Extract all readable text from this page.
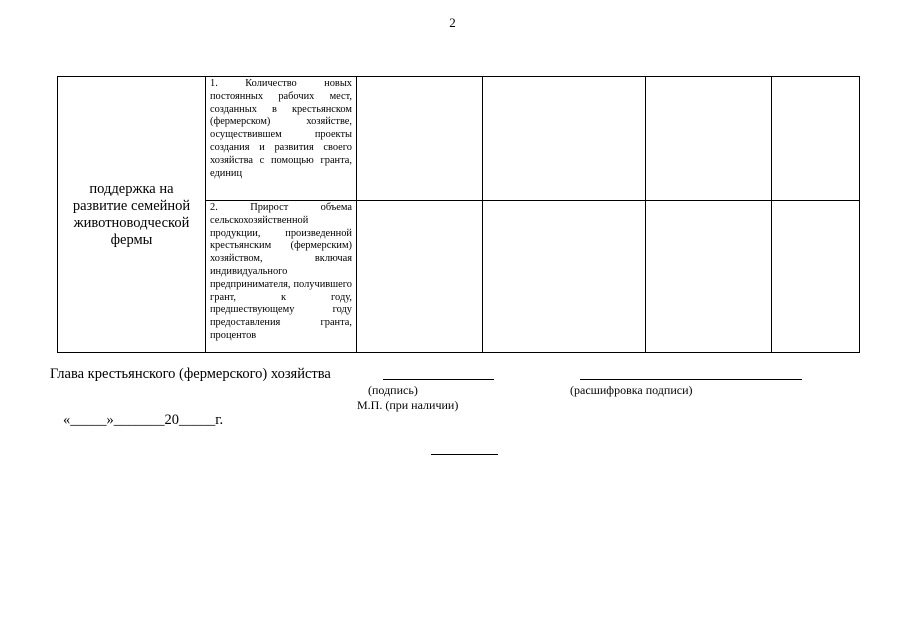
2
поддержка на развитие семейной животноводческой фермы	1. Количество новых постоянных рабочих мест, созданных в крестьянском (фермерском) хозяйстве, осуществившем проекты создания и развития своего хозяйства с помощью гранта, единиц				

	2. Прирост объема сельскохозяйственной продукции, произведенной крестьянским (фермерским) хозяйством, включая индивидуального предпринимателя, получившего грант, к году, предшествующему году предоставления гранта, процентов				

Глава крестьянского (фермерского) хозяйства
(подпись)	(расшифровка подписи)
М.П. (при наличии)
«_____»_______20_____г.
